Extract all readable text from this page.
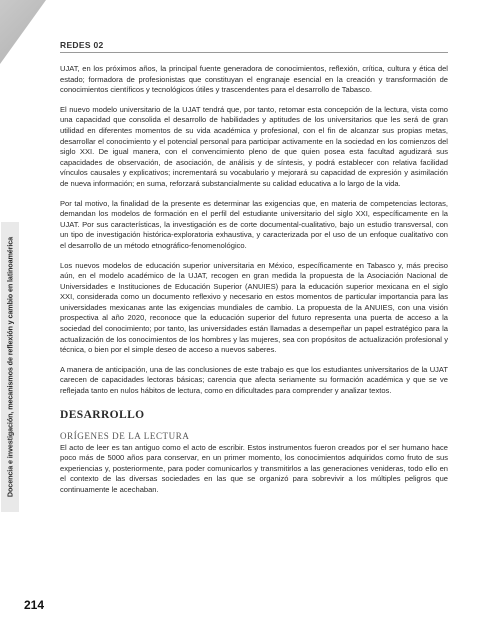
REDES 02
Docencia e investigación, mecanismos de reflexión y cambio en latinoamérica

UJAT, en los próximos años, la principal fuente generadora de conocimientos, reflexión, crítica, cultura y ética del estado; formadora de profesionistas que constituyan el engranaje esencial en la creación y transformación de conocimientos científicos y tecnológicos útiles y trascendentes para el desarrollo de Tabasco.

El nuevo modelo universitario de la UJAT tendrá que, por tanto, retomar esta concepción de la lectura, vista como una capacidad que consolida el desarrollo de habilidades y aptitudes de los universitarios que les será de gran utilidad en diferentes momentos de su vida académica y profesional, con el fin de alcanzar sus propias metas, desarrollar el conocimiento y el potencial personal para participar activamente en la sociedad en los comienzos del siglo XXI. De igual manera, con el convencimiento pleno de que quien posea esta facultad agudizará sus capacidades de observación, de asociación, de análisis y de síntesis, y podrá establecer con relativa facilidad vínculos causales y explicativos; incrementará su vocabulario y mejorará su capacidad de expresión y asimilación de nueva información; en suma, reforzará substancialmente su calidad educativa a lo largo de la vida.

Por tal motivo, la finalidad de la presente es determinar las exigencias que, en materia de competencias lectoras, demandan los modelos de formación en el perfil del estudiante universitario del siglo XXI, específicamente en la UJAT. Por sus características, la investigación es de corte documental-cualitativo, bajo un estudio transversal, con un tipo de investigación histórica-exploratoria exhaustiva, y caracterizada por el uso de un enfoque cualitativo con el desarrollo de un método etnográfico-fenomenológico.

Los nuevos modelos de educación superior universitaria en México, específicamente en Tabasco y, más preciso aún, en el modelo académico de la UJAT, recogen en gran medida la propuesta de la Asociación Nacional de Universidades e Instituciones de Educación Superior (ANUIES) para la educación superior mexicana en el siglo XXI, considerada como un documento reflexivo y necesario en estos momentos de particular importancia para las universidades mexicanas ante las exigencias mundiales de cambio. La propuesta de la ANUIES, con una visión prospectiva al año 2020, reconoce que la educación superior del futuro representa una puerta de acceso a la sociedad del conocimiento; por tanto, las universidades están llamadas a desempeñar un papel estratégico para la actualización de los conocimientos de los hombres y las mujeres, sea con propósitos de actualización profesional y técnica, o bien por el simple deseo de acceso a nuevos saberes.

A manera de anticipación, una de las conclusiones de este trabajo es que los estudiantes universitarios de la UJAT carecen de capacidades lectoras básicas; carencia que afecta seriamente su formación académica y que se ve reflejada tanto en nulos hábitos de lectura, como en dificultades para comprender y analizar textos.

DESARROLLO
ORÍGENES DE LA LECTURA

El acto de leer es tan antiguo como el acto de escribir. Estos instrumentos fueron creados por el ser humano hace poco más de 5000 años para conservar, en un primer momento, los conocimientos adquiridos como fruto de sus experiencias y, posteriormente, para poder comunicarlos y transmitirlos a las generaciones venideras, todo ello en el contexto de las diversas sociedades en las que se organizó para sobrevivir a los múltiples peligros que continuamente le acechaban.

214
